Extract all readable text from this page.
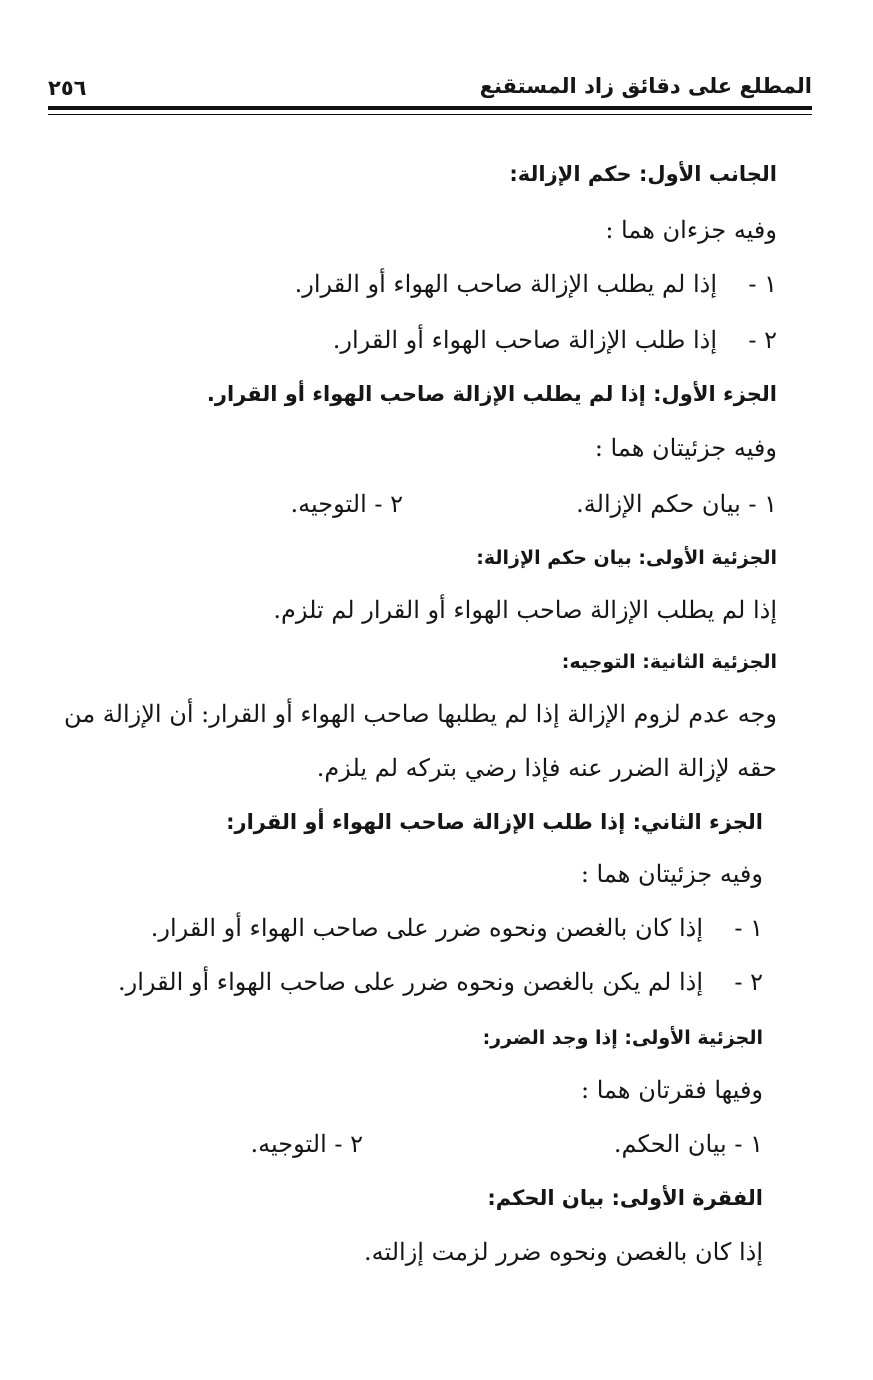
٢٥٦	المطلع على دقائق زاد المستقنع
الجانب الأول: حكم الإزالة:
وفيه جزءان هما :
١ -إذا لم يطلب الإزالة صاحب الهواء أو القرار.
٢ -إذا طلب الإزالة صاحب الهواء أو القرار.
الجزء الأول: إذا لم يطلب الإزالة صاحب الهواء أو القرار.
وفيه جزئيتان هما :
١ - بيان حكم الإزالة.
٢ - التوجيه.
الجزئية الأولى: بيان حكم الإزالة:
إذا لم يطلب الإزالة صاحب الهواء أو القرار لم تلزم.
الجزئية الثانية: التوجيه:
وجه عدم لزوم الإزالة إذا لم يطلبها صاحب الهواء أو القرار: أن الإزالة من
حقه لإزالة الضرر عنه فإذا رضي بتركه لم يلزم.
الجزء الثاني: إذا طلب الإزالة صاحب الهواء أو القرار:
وفيه جزئيتان هما :
١ -إذا كان بالغصن ونحوه ضرر على صاحب الهواء أو القرار.
٢ -إذا لم يكن بالغصن ونحوه ضرر على صاحب الهواء أو القرار.
الجزئية الأولى: إذا وجد الضرر:
وفيها فقرتان هما :
١ - بيان الحكم.
٢ - التوجيه.
الفقرة الأولى: بيان الحكم:
إذا كان بالغصن ونحوه ضرر لزمت إزالته.
